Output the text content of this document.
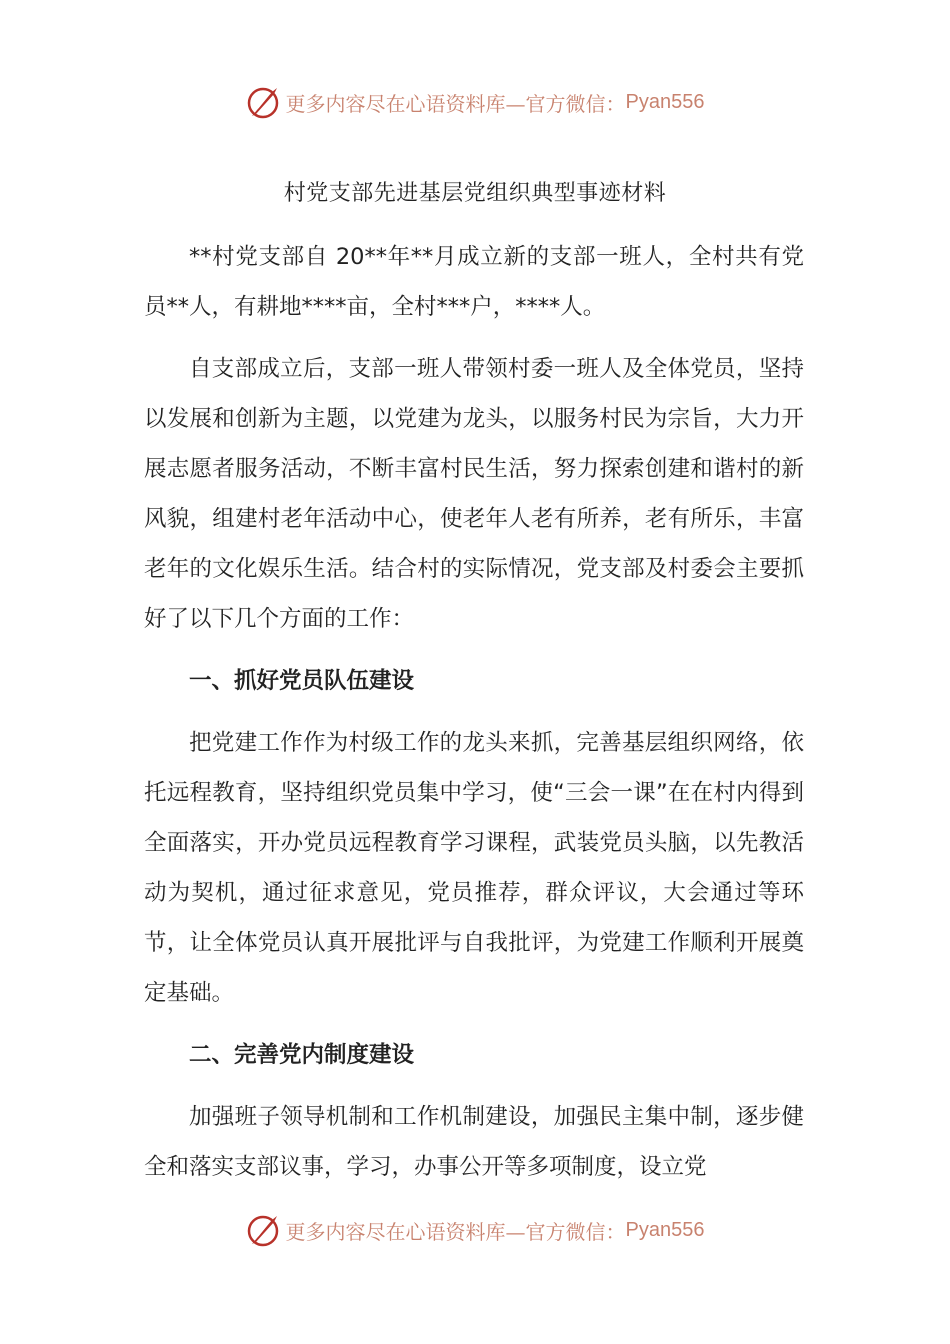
更多内容尽在心语资料库—官方微信： Pyan556
村党支部先进基层党组织典型事迹材料

**村党支部自 20**年**月成立新的支部一班人，全村共有党员**人，有耕地****亩，全村***户，****人。

自支部成立后，支部一班人带领村委一班人及全体党员，坚持以发展和创新为主题，以党建为龙头，以服务村民为宗旨，大力开展志愿者服务活动，不断丰富村民生活，努力探索创建和谐村的新风貌，组建村老年活动中心，使老年人老有所养，老有所乐，丰富老年的文化娱乐生活。结合村的实际情况，党支部及村委会主要抓好了以下几个方面的工作：

一、抓好党员队伍建设

把党建工作作为村级工作的龙头来抓，完善基层组织网络，依托远程教育，坚持组织党员集中学习，使“三会一课”在在村内得到全面落实，开办党员远程教育学习课程，武装党员头脑，以先教活动为契机，通过征求意见，党员推荐，群众评议，大会通过等环节，让全体党员认真开展批评与自我批评，为党建工作顺利开展奠定基础。

二、完善党内制度建设

加强班子领导机制和工作机制建设，加强民主集中制，逐步健全和落实支部议事，学习，办事公开等多项制度，设立党

更多内容尽在心语资料库—官方微信： Pyan556
